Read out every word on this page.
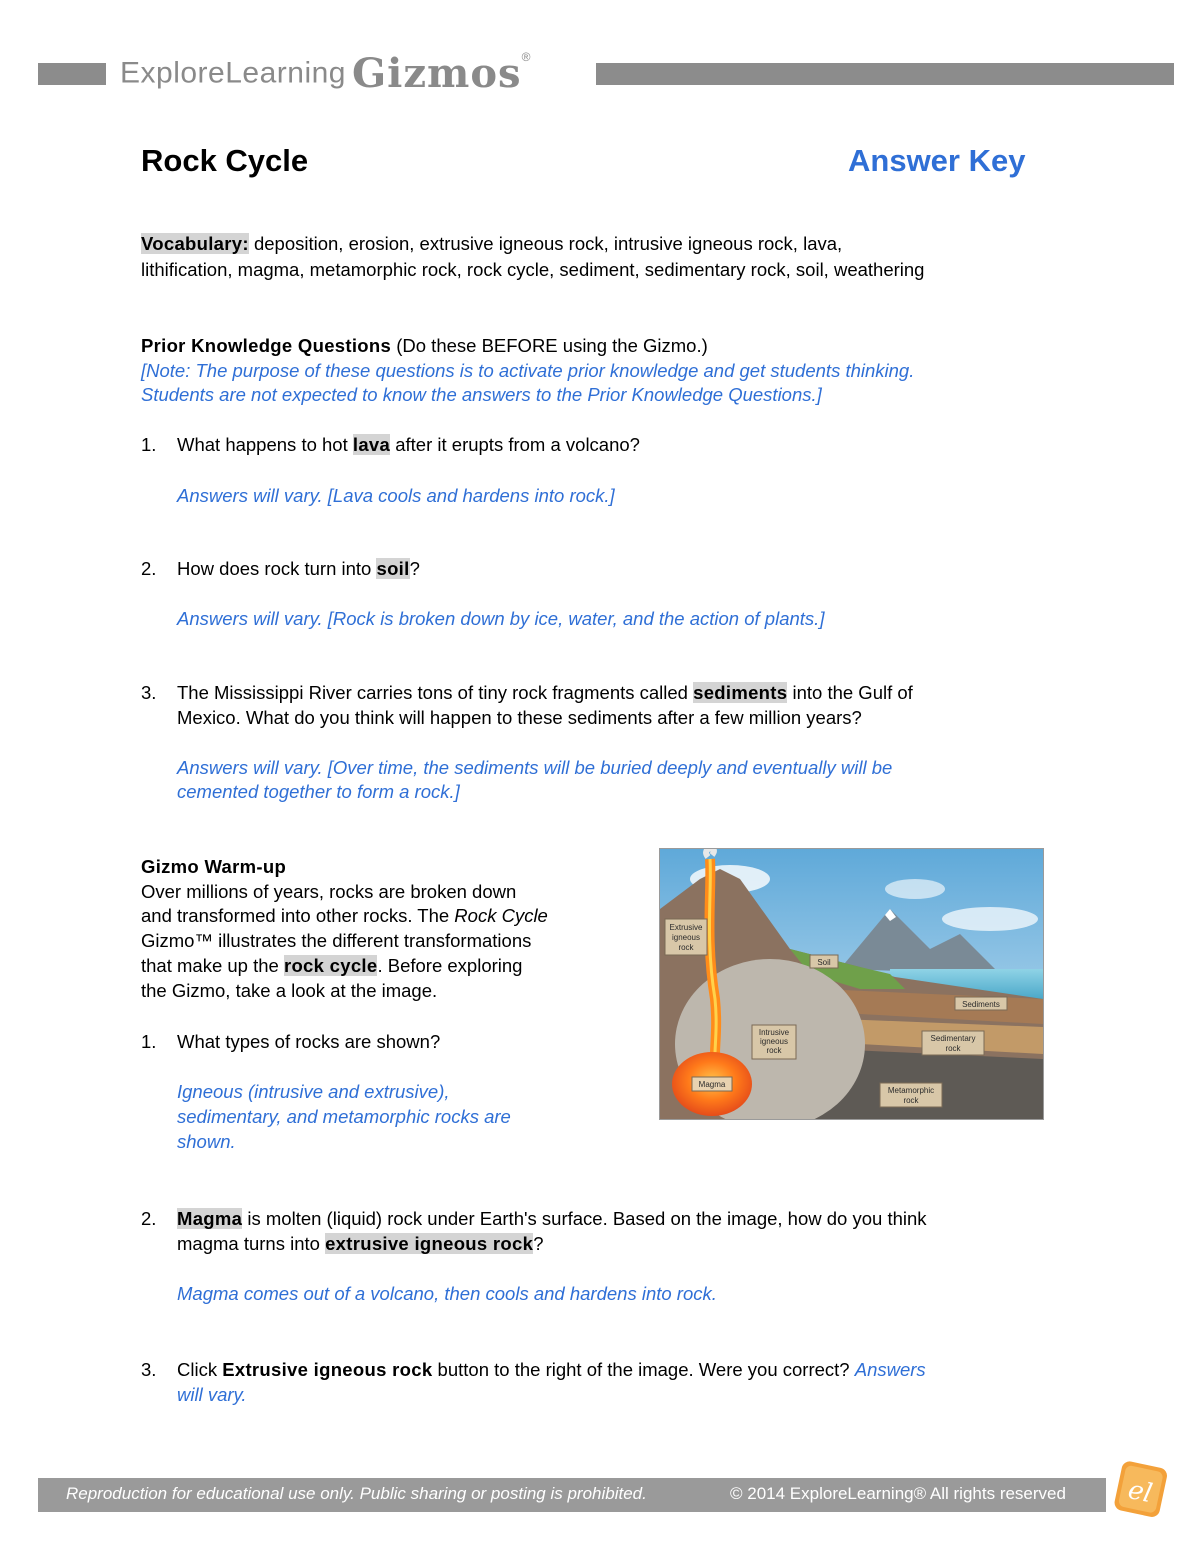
ExploreLearning Gizmos®
Rock Cycle	Answer Key
Vocabulary: deposition, erosion, extrusive igneous rock, intrusive igneous rock, lava,
lithification, magma, metamorphic rock, rock cycle, sediment, sedimentary rock, soil, weathering
Prior Knowledge Questions (Do these BEFORE using the Gizmo.)
[Note: The purpose of these questions is to activate prior knowledge and get students thinking.
Students are not expected to know the answers to the Prior Knowledge Questions.]
1. What happens to hot lava after it erupts from a volcano?
Answers will vary. [Lava cools and hardens into rock.]
2. How does rock turn into soil?
Answers will vary. [Rock is broken down by ice, water, and the action of plants.]
3. The Mississippi River carries tons of tiny rock fragments called sediments into the Gulf of
Mexico. What do you think will happen to these sediments after a few million years?
Answers will vary. [Over time, the sediments will be buried deeply and eventually will be
cemented together to form a rock.]
Gizmo Warm-up
Over millions of years, rocks are broken down
and transformed into other rocks. The Rock Cycle
Gizmo™ illustrates the different transformations
that make up the rock cycle. Before exploring
the Gizmo, take a look at the image.
1. What types of rocks are shown?
Igneous (intrusive and extrusive),
sedimentary, and metamorphic rocks are
shown.
Extrusive
igneous
rock
Soil
Sediments
Intrusive
igneous
rock
Sedimentary
rock
Magma
Metamorphic
rock
2. Magma is molten (liquid) rock under Earth's surface. Based on the image, how do you think
magma turns into extrusive igneous rock?
Magma comes out of a volcano, then cools and hardens into rock.
3. Click Extrusive igneous rock button to the right of the image. Were you correct? Answers
will vary.
Reproduction for educational use only. Public sharing or posting is prohibited.	© 2014 ExploreLearning® All rights reserved el
